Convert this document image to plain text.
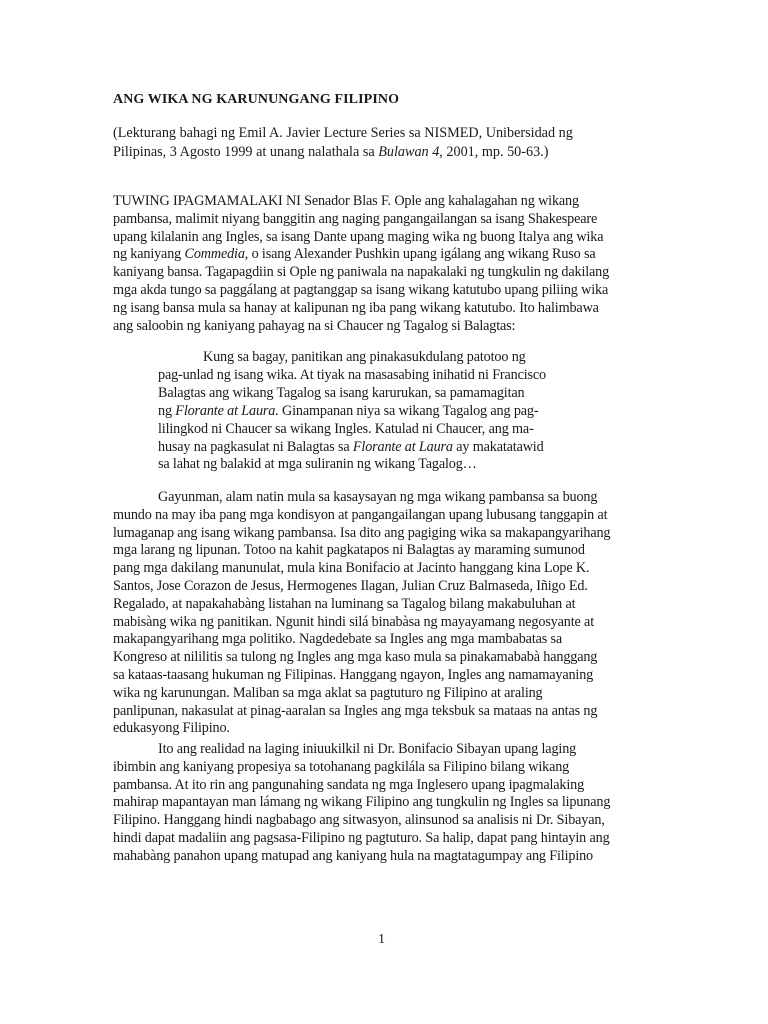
ANG WIKA NG KARUNUNGANG FILIPINO

(Lekturang bahagi ng Emil A. Javier Lecture Series sa NISMED, Unibersidad ng
Pilipinas, 3 Agosto 1999 at unang nalathala sa Bulawan 4, 2001, mp. 50-63.)

TUWING IPAGMAMALAKI NI Senador Blas F. Ople ang kahalagahan ng wikang
pambansa, malimit niyang banggitin ang naging pangangailangan sa isang Shakespeare
upang kilalanin ang Ingles, sa isang Dante upang maging wika ng buong Italya ang wika
ng kaniyang Commedia, o isang Alexander Pushkin upang igálang ang wikang Ruso sa
kaniyang bansa. Tagapagdiin si Ople ng paniwala na napakalaki ng tungkulin ng dakilang
mga akda tungo sa paggálang at pagtanggap sa isang wikang katutubo upang piliing wika
ng isang bansa mula sa hanay at kalipunan ng iba pang wikang katutubo. Ito halimbawa
ang saloobin ng kaniyang pahayag na si Chaucer ng Tagalog si Balagtas:

Kung sa bagay, panitikan ang pinakasukdulang patotoo ng
pag-unlad ng isang wika. At tiyak na masasabing inihatid ni Francisco
Balagtas ang wikang Tagalog sa isang karurukan, sa pamamagitan
ng Florante at Laura. Ginampanan niya sa wikang Tagalog ang pag-
lilingkod ni Chaucer sa wikang Ingles. Katulad ni Chaucer, ang ma-
husay na pagkasulat ni Balagtas sa Florante at Laura ay makatatawid
sa lahat ng balakid at mga suliranin ng wikang Tagalog…

Gayunman, alam natin mula sa kasaysayan ng mga wikang pambansa sa buong
mundo na may iba pang mga kondisyon at pangangailangan upang lubusang tanggapin at
lumaganap ang isang wikang pambansa. Isa dito ang pagiging wika sa makapangyarihang
mga larang ng lipunan. Totoo na kahit pagkatapos ni Balagtas ay maraming sumunod
pang mga dakilang manunulat, mula kina Bonifacio at Jacinto hanggang kina Lope K.
Santos, Jose Corazon de Jesus, Hermogenes Ilagan, Julian Cruz Balmaseda, Iñigo Ed.
Regalado, at napakahabàng listahan na luminang sa Tagalog bilang makabuluhan at
mabisàng wika ng panitikan. Ngunit hindi silá binabàsa ng mayayamang negosyante at
makapangyarihang mga politiko. Nagdedebate sa Ingles ang mga mambabatas sa
Kongreso at nililitis sa tulong ng Ingles ang mga kaso mula sa pinakamababà hanggang
sa kataas-taasang hukuman ng Filipinas. Hanggang ngayon, Ingles ang namamayaning
wika ng karunungan. Maliban sa mga aklat sa pagtuturo ng Filipino at araling
panlipunan, nakasulat at pinag-aaralan sa Ingles ang mga teksbuk sa mataas na antas ng
edukasyong Filipino.

Ito ang realidad na laging iniuukilkil ni Dr. Bonifacio Sibayan upang laging
ibimbin ang kaniyang propesiya sa totohanang pagkilála sa Filipino bilang wikang
pambansa. At ito rin ang pangunahing sandata ng mga Inglesero upang ipagmalaking
mahirap mapantayan man lámang ng wikang Filipino ang tungkulin ng Ingles sa lipunang
Filipino. Hanggang hindi nagbabago ang sitwasyon, alinsunod sa analisis ni Dr. Sibayan,
hindi dapat madaliin ang pagsasa-Filipino ng pagtuturo. Sa halip, dapat pang hintayin ang
mahabàng panahon upang matupad ang kaniyang hula na magtatagumpay ang Filipino

1
